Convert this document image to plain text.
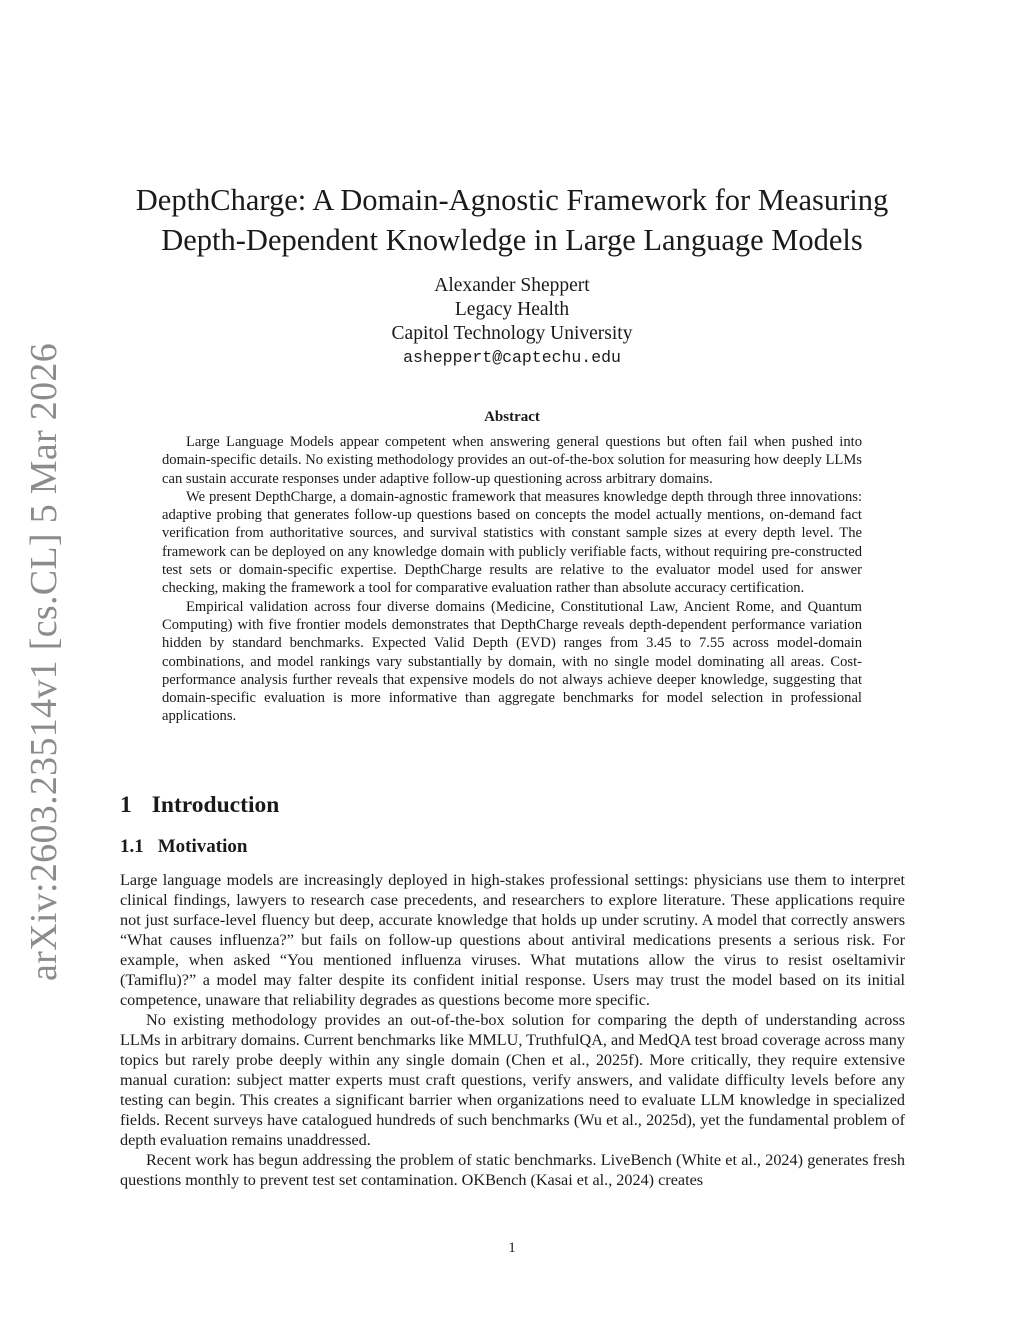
arXiv:2603.23514v1 [cs.CL] 5 Mar 2026
DepthCharge: A Domain-Agnostic Framework for Measuring
Depth-Dependent Knowledge in Large Language Models
Alexander Sheppert
Legacy Health
Capitol Technology University
asheppert@captechu.edu
Abstract

Large Language Models appear competent when answering general questions but often fail when pushed into domain-specific details. No existing methodology provides an out-of-the-box solution for measuring how deeply LLMs can sustain accurate responses under adaptive follow-up questioning across arbitrary domains.

We present DepthCharge, a domain-agnostic framework that measures knowledge depth through three innovations: adaptive probing that generates follow-up questions based on concepts the model actually mentions, on-demand fact verification from authoritative sources, and survival statistics with constant sample sizes at every depth level. The framework can be deployed on any knowledge domain with publicly verifiable facts, without requiring pre-constructed test sets or domain-specific expertise. DepthCharge results are relative to the evaluator model used for answer checking, making the framework a tool for comparative evaluation rather than absolute accuracy certification.

Empirical validation across four diverse domains (Medicine, Constitutional Law, Ancient Rome, and Quantum Computing) with five frontier models demonstrates that DepthCharge reveals depth-dependent performance variation hidden by standard benchmarks. Expected Valid Depth (EVD) ranges from 3.45 to 7.55 across model-domain combinations, and model rankings vary substantially by domain, with no single model dominating all areas. Cost-performance analysis further reveals that expensive models do not always achieve deeper knowledge, suggesting that domain-specific evaluation is more informative than aggregate benchmarks for model selection in professional applications.

1 Introduction
1.1 Motivation

Large language models are increasingly deployed in high-stakes professional settings: physicians use them to interpret clinical findings, lawyers to research case precedents, and researchers to explore literature. These applications require not just surface-level fluency but deep, accurate knowledge that holds up under scrutiny. A model that correctly answers “What causes influenza?” but fails on follow-up questions about antiviral medications presents a serious risk. For example, when asked “You mentioned influenza viruses. What mutations allow the virus to resist oseltamivir (Tamiflu)?” a model may falter despite its confident initial response. Users may trust the model based on its initial competence, unaware that reliability degrades as questions become more specific.

No existing methodology provides an out-of-the-box solution for comparing the depth of understanding across LLMs in arbitrary domains. Current benchmarks like MMLU, TruthfulQA, and MedQA test broad coverage across many topics but rarely probe deeply within any single domain (Chen et al., 2025f). More critically, they require extensive manual curation: subject matter experts must craft questions, verify answers, and validate difficulty levels before any testing can begin. This creates a significant barrier when organizations need to evaluate LLM knowledge in specialized fields. Recent surveys have catalogued hundreds of such benchmarks (Wu et al., 2025d), yet the fundamental problem of depth evaluation remains unaddressed.

Recent work has begun addressing the problem of static benchmarks. LiveBench (White et al., 2024) generates fresh questions monthly to prevent test set contamination. OKBench (Kasai et al., 2024) creates

1
